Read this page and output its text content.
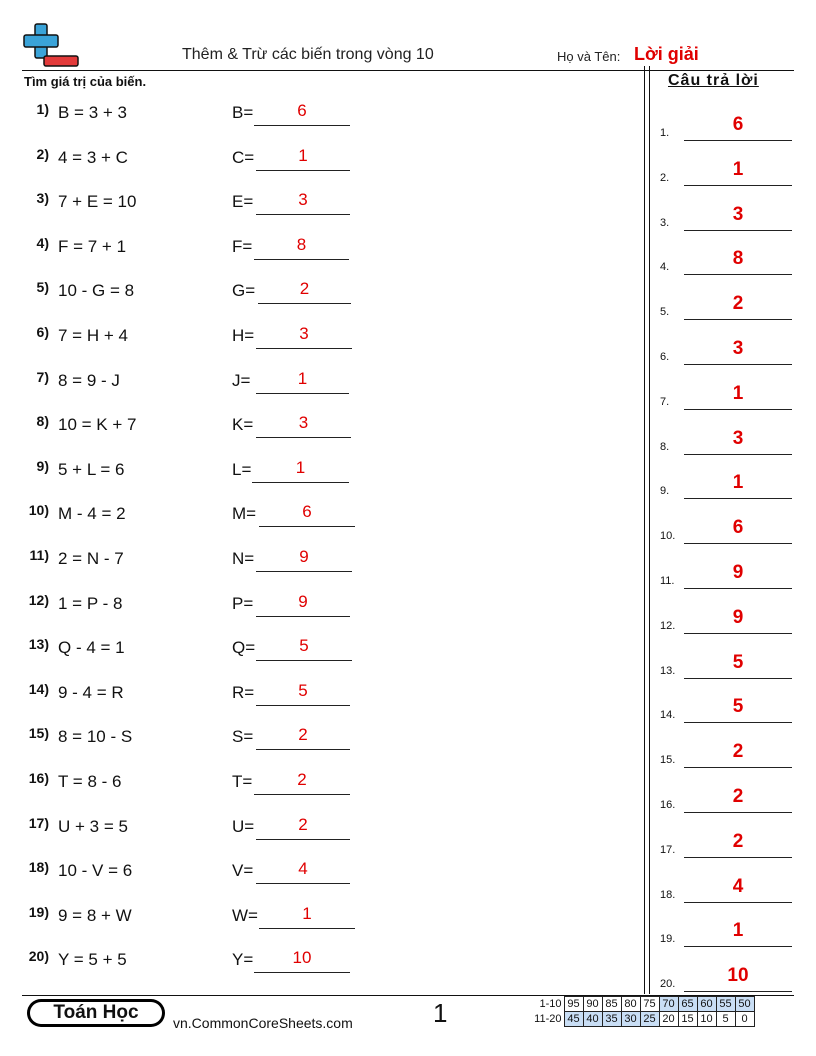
Thêm & Trừ các biến trong vòng 10	Họ và Tên: Lời giải
Tìm giá trị của biến.
1) B = 3 + 3	B=	6
2) 4 = 3 + C	C=	1
3) 7 + E = 10	E=	3
4) F = 7 + 1	F=	8
5) 10 - G = 8	G=	2
6) 7 = H + 4	H=	3
7) 8 = 9 - J	J=	1
8) 10 = K + 7	K=	3
9) 5 + L = 6	L=	1
10) M - 4 = 2	M=	6
11) 2 = N - 7	N=	9
12) 1 = P - 8	P=	9
13) Q - 4 = 1	Q=	5
14) 9 - 4 = R	R=	5
15) 8 = 10 - S	S=	2
16) T = 8 - 6	T=	2
17) U + 3 = 5	U=	2
18) 10 - V = 6	V=	4
19) 9 = 8 + W	W=	1
20) Y = 5 + 5	Y=	10
Câu trả lời
1.	6
2.	1
3.	3
4.	8
5.	2
6.	3
7.	1
8.	3
9.	1
10.	6
11.	9
12.	9
13.	5
14.	5
15.	2
16.	2
17.	2
18.	4
19.	1
20.	10
Toán Học	vn.CommonCoreSheets.com	1	1-10	95	90	85	80	75	70	65	60	55	50
11-20	45	40	35	30	25	20	15	10	5	0
